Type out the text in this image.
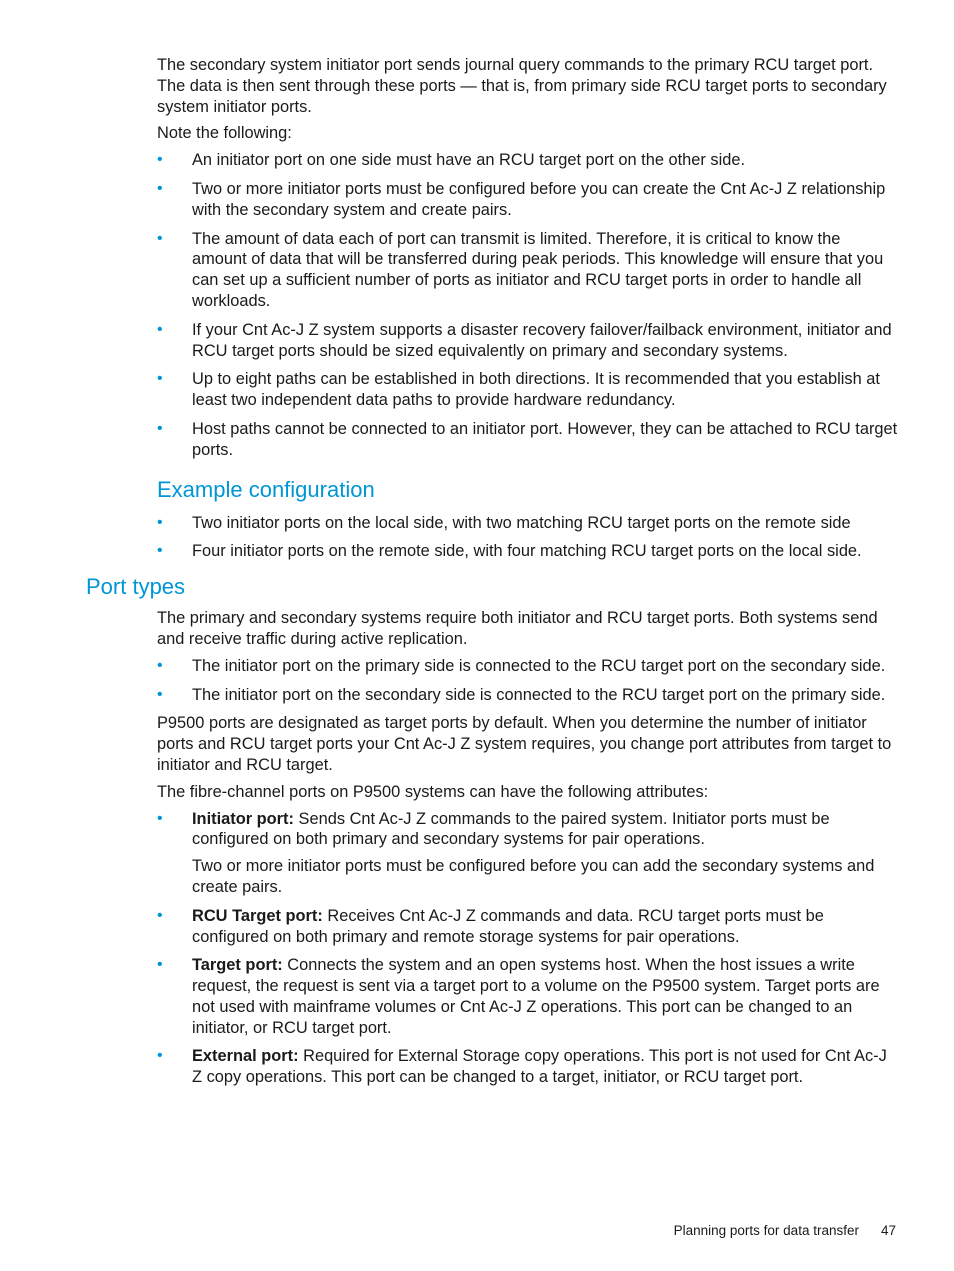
The secondary system initiator port sends journal query commands to the primary RCU target port. The data is then sent through these ports — that is, from primary side RCU target ports to secondary system initiator ports.

Note the following:

• An initiator port on one side must have an RCU target port on the other side.
• Two or more initiator ports must be configured before you can create the Cnt Ac-J Z relationship with the secondary system and create pairs.
• The amount of data each of port can transmit is limited. Therefore, it is critical to know the amount of data that will be transferred during peak periods. This knowledge will ensure that you can set up a sufficient number of ports as initiator and RCU target ports in order to handle all workloads.
• If your Cnt Ac-J Z system supports a disaster recovery failover/failback environment, initiator and RCU target ports should be sized equivalently on primary and secondary systems.
• Up to eight paths can be established in both directions. It is recommended that you establish at least two independent data paths to provide hardware redundancy.
• Host paths cannot be connected to an initiator port. However, they can be attached to RCU target ports.
Example configuration
• Two initiator ports on the local side, with two matching RCU target ports on the remote side
• Four initiator ports on the remote side, with four matching RCU target ports on the local side.
Port types

The primary and secondary systems require both initiator and RCU target ports. Both systems send and receive traffic during active replication.

• The initiator port on the primary side is connected to the RCU target port on the secondary side.
• The initiator port on the secondary side is connected to the RCU target port on the primary side.

P9500 ports are designated as target ports by default. When you determine the number of initiator ports and RCU target ports your Cnt Ac-J Z system requires, you change port attributes from target to initiator and RCU target.

The fibre-channel ports on P9500 systems can have the following attributes:

• Initiator port: Sends Cnt Ac-J Z commands to the paired system. Initiator ports must be configured on both primary and secondary systems for pair operations.

Two or more initiator ports must be configured before you can add the secondary systems and create pairs.

• RCU Target port: Receives Cnt Ac-J Z commands and data. RCU target ports must be configured on both primary and remote storage systems for pair operations.
• Target port: Connects the system and an open systems host. When the host issues a write request, the request is sent via a target port to a volume on the P9500 system. Target ports are not used with mainframe volumes or Cnt Ac-J Z operations. This port can be changed to an initiator, or RCU target port.
• External port: Required for External Storage copy operations. This port is not used for Cnt Ac-J Z copy operations. This port can be changed to a target, initiator, or RCU target port.
Planning ports for data transfer 47
